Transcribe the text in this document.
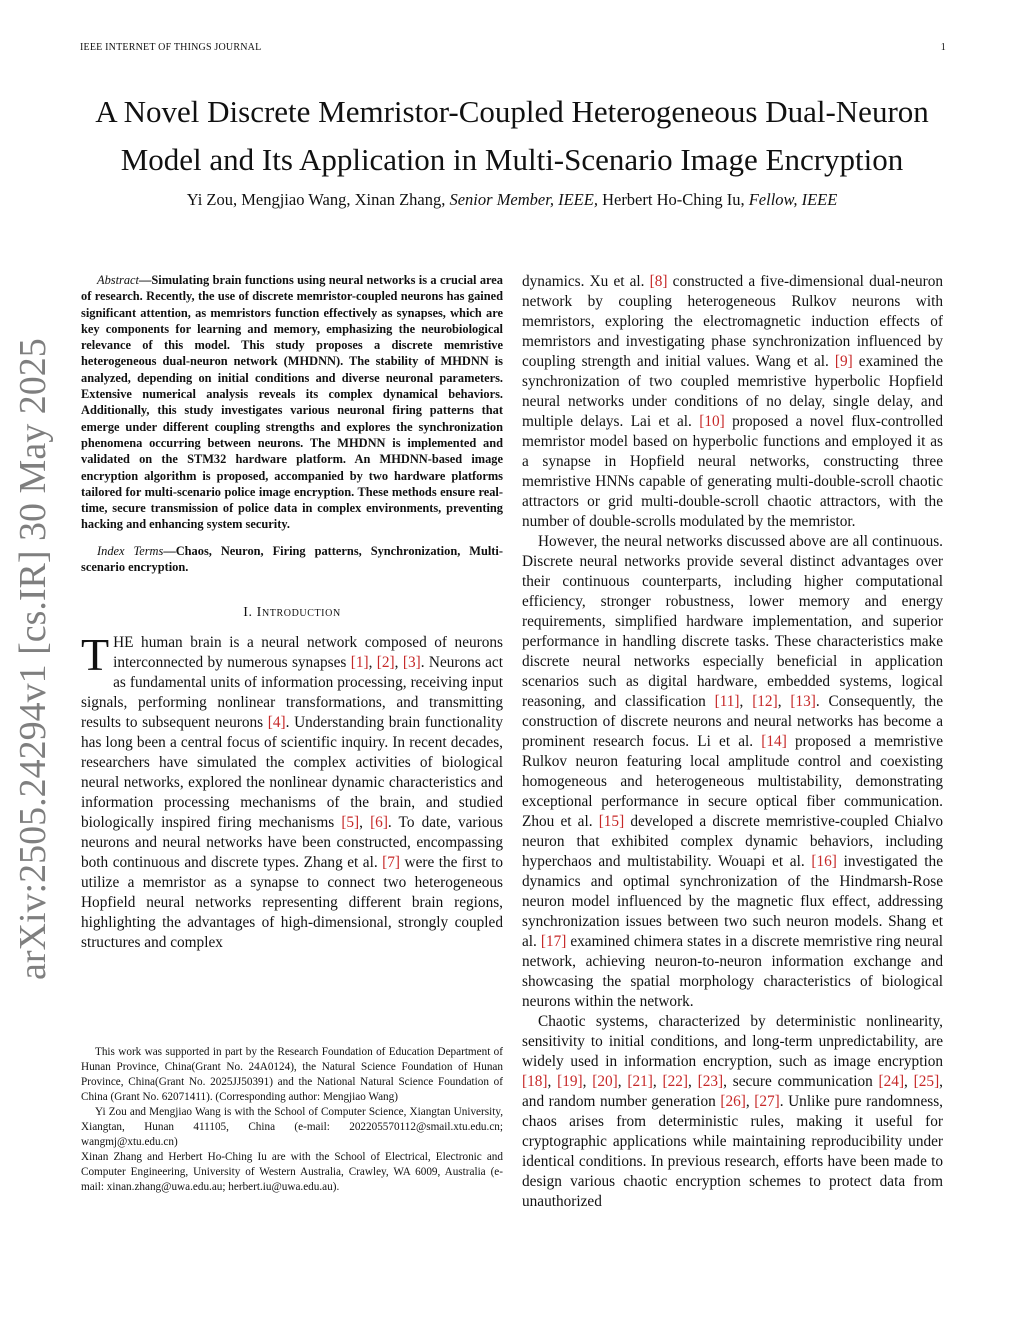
IEEE INTERNET OF THINGS JOURNAL	1
arXiv:2505.24294v1 [cs.IR] 30 May 2025
A Novel Discrete Memristor-Coupled Heterogeneous Dual-Neuron Model and Its Application in Multi-Scenario Image Encryption
Yi Zou, Mengjiao Wang, Xinan Zhang, Senior Member, IEEE, Herbert Ho-Ching Iu, Fellow, IEEE

Abstract—Simulating brain functions using neural networks is a crucial area of research. Recently, the use of discrete memristor-coupled neurons has gained significant attention, as memristors function effectively as synapses, which are key components for learning and memory, emphasizing the neurobiological relevance of this model. This study proposes a discrete memristive heterogeneous dual-neuron network (MHDNN). The stability of MHDNN is analyzed, depending on initial conditions and diverse neuronal parameters. Extensive numerical analysis reveals its complex dynamical behaviors. Additionally, this study investigates various neuronal firing patterns that emerge under different coupling strengths and explores the synchronization phenomena occurring between neurons. The MHDNN is implemented and validated on the STM32 hardware platform. An MHDNN-based image encryption algorithm is proposed, accompanied by two hardware platforms tailored for multi-scenario police image encryption. These methods ensure real-time, secure transmission of police data in complex environments, preventing hacking and enhancing system security.

Index Terms—Chaos, Neuron, Firing patterns, Synchronization, Multi-scenario encryption.

I. Introduction

THE human brain is a neural network composed of neurons interconnected by numerous synapses [1], [2], [3]. Neurons act as fundamental units of information processing, receiving input signals, performing nonlinear transformations, and transmitting results to subsequent neurons [4]. Understanding brain functionality has long been a central focus of scientific inquiry. In recent decades, researchers have simulated the complex activities of biological neural networks, explored the nonlinear dynamic characteristics and information processing mechanisms of the brain, and studied biologically inspired firing mechanisms [5], [6]. To date, various neurons and neural networks have been constructed, encompassing both continuous and discrete types. Zhang et al. [7] were the first to utilize a memristor as a synapse to connect two heterogeneous Hopfield neural networks representing different brain regions, highlighting the advantages of high-dimensional, strongly coupled structures and complex

This work was supported in part by the Research Foundation of Education Department of Hunan Province, China(Grant No. 24A0124), the Natural Science Foundation of Hunan Province, China(Grant No. 2025JJ50391) and the National Natural Science Foundation of China (Grant No. 62071411). (Corresponding author: Mengjiao Wang)

Yi Zou and Mengjiao Wang is with the School of Computer Science, Xiangtan University, Xiangtan, Hunan 411105, China (e-mail: 202205570112@smail.xtu.edu.cn; wangmj@xtu.edu.cn)

Xinan Zhang and Herbert Ho-Ching Iu are with the School of Electrical, Electronic and Computer Engineering, University of Western Australia, Crawley, WA 6009, Australia (e-mail: xinan.zhang@uwa.edu.au; herbert.iu@uwa.edu.au).

dynamics. Xu et al. [8] constructed a five-dimensional dual-neuron network by coupling heterogeneous Rulkov neurons with memristors, exploring the electromagnetic induction effects of memristors and investigating phase synchronization influenced by coupling strength and initial values. Wang et al. [9] examined the synchronization of two coupled memristive hyperbolic Hopfield neural networks under conditions of no delay, single delay, and multiple delays. Lai et al. [10] proposed a novel flux-controlled memristor model based on hyperbolic functions and employed it as a synapse in Hopfield neural networks, constructing three memristive HNNs capable of generating multi-double-scroll chaotic attractors or grid multi-double-scroll chaotic attractors, with the number of double-scrolls modulated by the memristor.

However, the neural networks discussed above are all continuous. Discrete neural networks provide several distinct advantages over their continuous counterparts, including higher computational efficiency, stronger robustness, lower memory and energy requirements, simplified hardware implementation, and superior performance in handling discrete tasks. These characteristics make discrete neural networks especially beneficial in application scenarios such as digital hardware, embedded systems, logical reasoning, and classification [11], [12], [13]. Consequently, the construction of discrete neurons and neural networks has become a prominent research focus. Li et al. [14] proposed a memristive Rulkov neuron featuring local amplitude control and coexisting homogeneous and heterogeneous multistability, demonstrating exceptional performance in secure optical fiber communication. Zhou et al. [15] developed a discrete memristive-coupled Chialvo neuron that exhibited complex dynamic behaviors, including hyperchaos and multistability. Wouapi et al. [16] investigated the dynamics and optimal synchronization of the Hindmarsh-Rose neuron model influenced by the magnetic flux effect, addressing synchronization issues between two such neuron models. Shang et al. [17] examined chimera states in a discrete memristive ring neural network, achieving neuron-to-neuron information exchange and showcasing the spatial morphology characteristics of biological neurons within the network.

Chaotic systems, characterized by deterministic nonlinearity, sensitivity to initial conditions, and long-term unpredictability, are widely used in information encryption, such as image encryption [18], [19], [20], [21], [22], [23], secure communication [24], [25], and random number generation [26], [27]. Unlike pure randomness, chaos arises from deterministic rules, making it useful for cryptographic applications while maintaining reproducibility under identical conditions. In previous research, efforts have been made to design various chaotic encryption schemes to protect data from unauthorized
